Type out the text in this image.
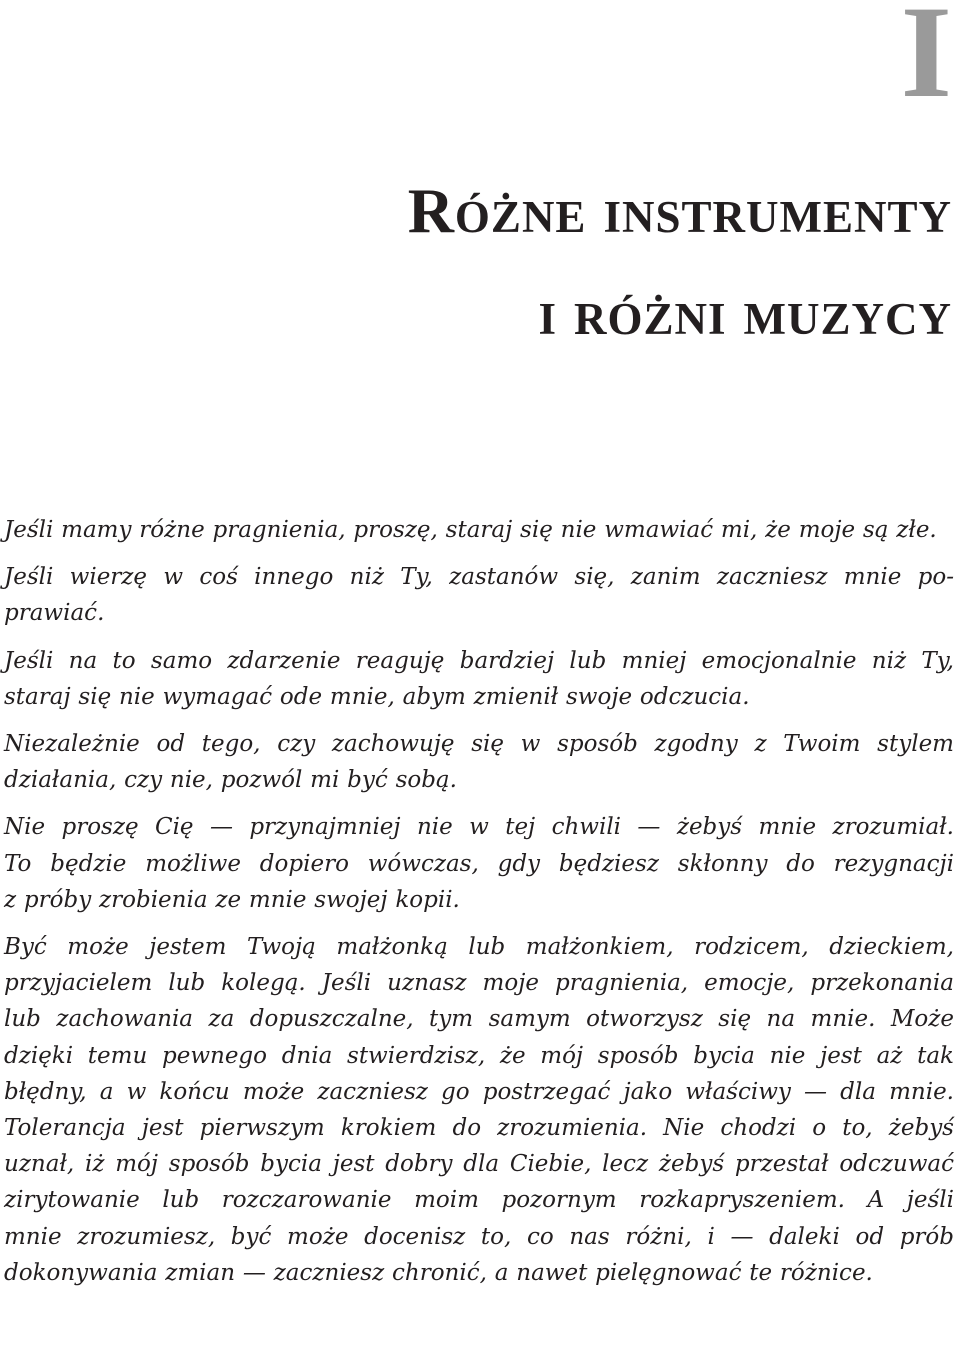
I
Różne instrumenty
i różni muzycy

Jeśli mamy różne pragnienia, proszę, staraj się nie wmawiać mi, że moje są złe.

Jeśli wierzę w coś innego niż Ty, zastanów się, zanim zaczniesz mnie po-
prawiać.

Jeśli na to samo zdarzenie reaguję bardziej lub mniej emocjonalnie niż Ty,
staraj się nie wymagać ode mnie, abym zmienił swoje odczucia.

Niezależnie od tego, czy zachowuję się w sposób zgodny z Twoim stylem
działania, czy nie, pozwól mi być sobą.

Nie proszę Cię — przynajmniej nie w tej chwili — żebyś mnie zrozumiał.
To będzie możliwe dopiero wówczas, gdy będziesz skłonny do rezygnacji
z próby zrobienia ze mnie swojej kopii.

Być może jestem Twoją małżonką lub małżonkiem, rodzicem, dzieckiem,
przyjacielem lub kolegą. Jeśli uznasz moje pragnienia, emocje, przekonania
lub zachowania za dopuszczalne, tym samym otworzysz się na mnie. Może
dzięki temu pewnego dnia stwierdzisz, że mój sposób bycia nie jest aż tak
błędny, a w końcu może zaczniesz go postrzegać jako właściwy — dla mnie.
Tolerancja jest pierwszym krokiem do zrozumienia. Nie chodzi o to, żebyś
uznał, iż mój sposób bycia jest dobry dla Ciebie, lecz żebyś przestał odczuwać
zirytowanie lub rozczarowanie moim pozornym rozkapryszeniem. A jeśli
mnie zrozumiesz, być może docenisz to, co nas różni, i — daleki od prób
dokonywania zmian — zaczniesz chronić, a nawet pielęgnować te różnice.
